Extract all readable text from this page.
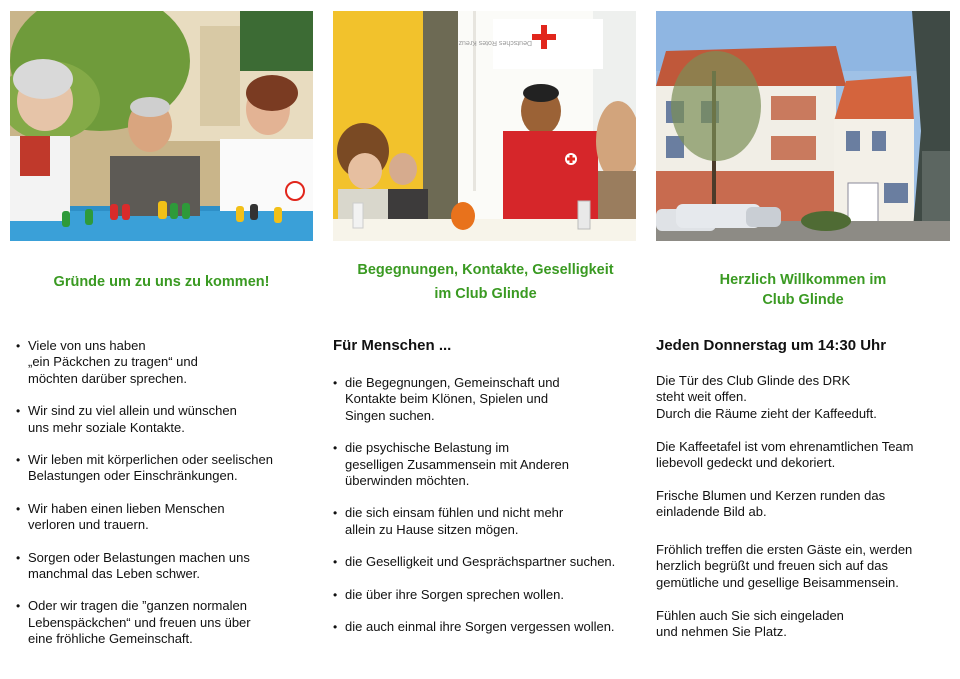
Deutsches Rotes Kreuz
Gründe um zu uns zu kommen!
• Viele von uns haben
„ein Päckchen zu tragen“ und
möchten darüber sprechen.
• Wir sind zu viel allein und wünschen
uns mehr soziale Kontakte.
• Wir leben mit körperlichen oder seelischen
Belastungen oder Einschränkungen.
• Wir haben einen lieben Menschen
verloren und trauern.
• Sorgen oder Belastungen machen uns
manchmal das Leben schwer.
• Oder wir tragen die ”ganzen normalen
Lebenspäckchen“ und freuen uns über
eine fröhliche Gemeinschaft.
Begegnungen, Kontakte, Geselligkeit
im Club Glinde

Für Menschen ...

• die Begegnungen, Gemeinschaft und
Kontakte beim Klönen, Spielen und
Singen suchen.
• die psychische Belastung im
geselligen Zusammensein mit Anderen
überwinden möchten.
• die sich einsam fühlen und nicht mehr
allein zu Hause sitzen mögen.
• die Geselligkeit und Gesprächspartner suchen.
• die über ihre Sorgen sprechen wollen.
• die auch einmal ihre Sorgen vergessen wollen.
Herzlich Willkommen im
Club Glinde

Jeden Donnerstag um 14:30 Uhr

Die Tür des Club Glinde des DRK
steht weit offen.
Durch die Räume zieht der Kaffeeduft.

Die Kaffeetafel ist vom ehrenamtlichen Team
liebevoll gedeckt und dekoriert.

Frische Blumen und Kerzen runden das
einladende Bild ab.

Fröhlich treffen die ersten Gäste ein, werden
herzlich begrüßt und freuen sich auf das
gemütliche und gesellige Beisammensein.

Fühlen auch Sie sich eingeladen
und nehmen Sie Platz.
